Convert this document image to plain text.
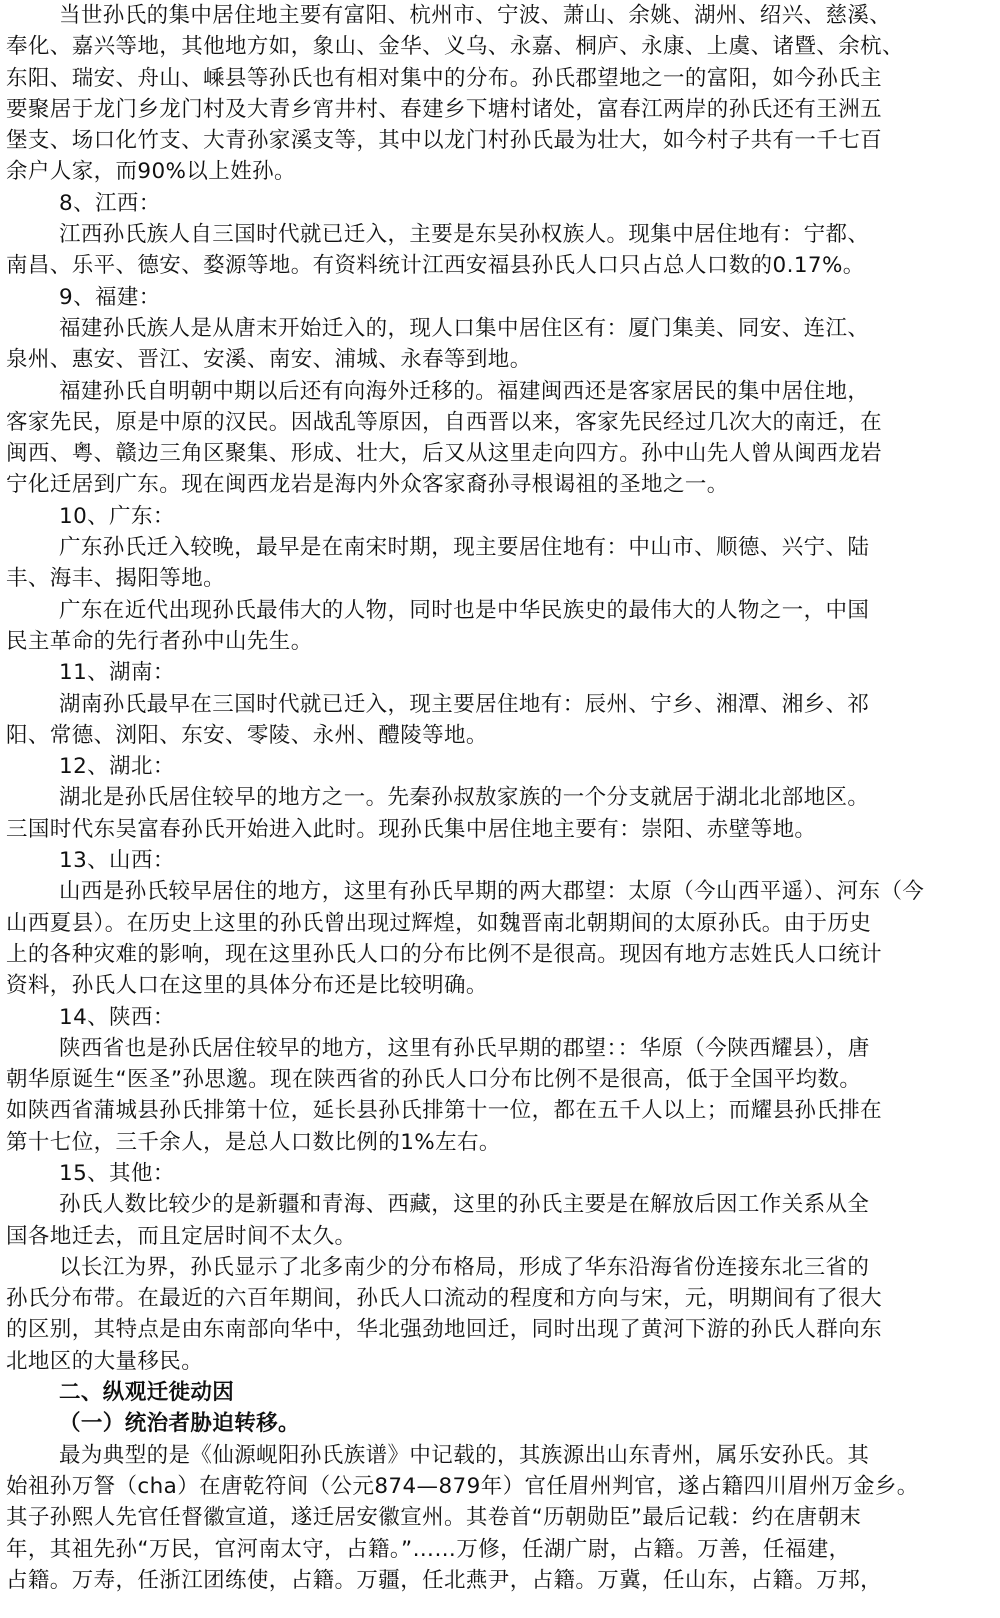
当世孙氏的集中居住地主要有富阳、杭州市、宁波、萧山、余姚、湖州、绍兴、慈溪、
奉化、嘉兴等地，其他地方如，象山、金华、义乌、永嘉、桐庐、永康、上虞、诸暨、余杭、
东阳、瑞安、舟山、嵊县等孙氏也有相对集中的分布。孙氏郡望地之一的富阳，如今孙氏主
要聚居于龙门乡龙门村及大青乡宵井村、春建乡下塘村诸处，富春江两岸的孙氏还有王洲五
堡支、场口化竹支、大青孙家溪支等，其中以龙门村孙氏最为壮大，如今村子共有一千七百
余户人家，而90%以上姓孙。
8、江西：
江西孙氏族人自三国时代就已迁入，主要是东吴孙权族人。现集中居住地有：宁都、
南昌、乐平、德安、婺源等地。有资料统计江西安福县孙氏人口只占总人口数的0.17%。
9、福建：
福建孙氏族人是从唐末开始迁入的，现人口集中居住区有：厦门集美、同安、连江、
泉州、惠安、晋江、安溪、南安、浦城、永春等到地。
福建孙氏自明朝中期以后还有向海外迁移的。福建闽西还是客家居民的集中居住地，
客家先民，原是中原的汉民。因战乱等原因，自西晋以来，客家先民经过几次大的南迁，在
闽西、粤、赣边三角区聚集、形成、壮大，后又从这里走向四方。孙中山先人曾从闽西龙岩
宁化迁居到广东。现在闽西龙岩是海内外众客家裔孙寻根谒祖的圣地之一。
10、广东：
广东孙氏迁入较晚，最早是在南宋时期，现主要居住地有：中山市、顺德、兴宁、陆
丰、海丰、揭阳等地。
广东在近代出现孙氏最伟大的人物，同时也是中华民族史的最伟大的人物之一，中国
民主革命的先行者孙中山先生。
11、湖南：
湖南孙氏最早在三国时代就已迁入，现主要居住地有：辰州、宁乡、湘潭、湘乡、祁
阳、常德、浏阳、东安、零陵、永州、醴陵等地。
12、湖北：
湖北是孙氏居住较早的地方之一。先秦孙叔敖家族的一个分支就居于湖北北部地区。
三国时代东吴富春孙氏开始进入此时。现孙氏集中居住地主要有：崇阳、赤壁等地。
13、山西：
山西是孙氏较早居住的地方，这里有孙氏早期的两大郡望：太原（今山西平遥）、河东（今
山西夏县）。在历史上这里的孙氏曾出现过辉煌，如魏晋南北朝期间的太原孙氏。由于历史
上的各种灾难的影响，现在这里孙氏人口的分布比例不是很高。现因有地方志姓氏人口统计
资料，孙氏人口在这里的具体分布还是比较明确。
14、陕西：
陕西省也是孙氏居住较早的地方，这里有孙氏早期的郡望：：华原（今陕西耀县），唐
朝华原诞生“医圣”孙思邈。现在陕西省的孙氏人口分布比例不是很高，低于全国平均数。
如陕西省蒲城县孙氏排第十位，延长县孙氏排第十一位，都在五千人以上；而耀县孙氏排在
第十七位，三千余人，是总人口数比例的1%左右。
15、其他：
孙氏人数比较少的是新疆和青海、西藏，这里的孙氏主要是在解放后因工作关系从全
国各地迁去，而且定居时间不太久。
以长江为界，孙氏显示了北多南少的分布格局，形成了华东沿海省份连接东北三省的
孙氏分布带。在最近的六百年期间，孙氏人口流动的程度和方向与宋，元，明期间有了很大
的区别，其特点是由东南部向华中，华北强劲地回迁，同时出现了黄河下游的孙氏人群向东
北地区的大量移民。
二、纵观迁徙动因
（一）统治者胁迫转移。
最为典型的是《仙源岘阳孙氏族谱》中记载的，其族源出山东青州，属乐安孙氏。其
始祖孙万詧（cha）在唐乾符间（公元874—879年）官任眉州判官，遂占籍四川眉州万金乡。
其子孙熙人先官任督徽宣道，遂迁居安徽宣州。其卷首“历朝勋臣”最后记载：约在唐朝末
年，其祖先孙“万民，官河南太守，占籍。”……万修，任湖广尉，占籍。万善，任福建，
占籍。万寿，任浙江团练使，占籍。万疆，任北燕尹，占籍。万冀，任山东，占籍。万邦，
